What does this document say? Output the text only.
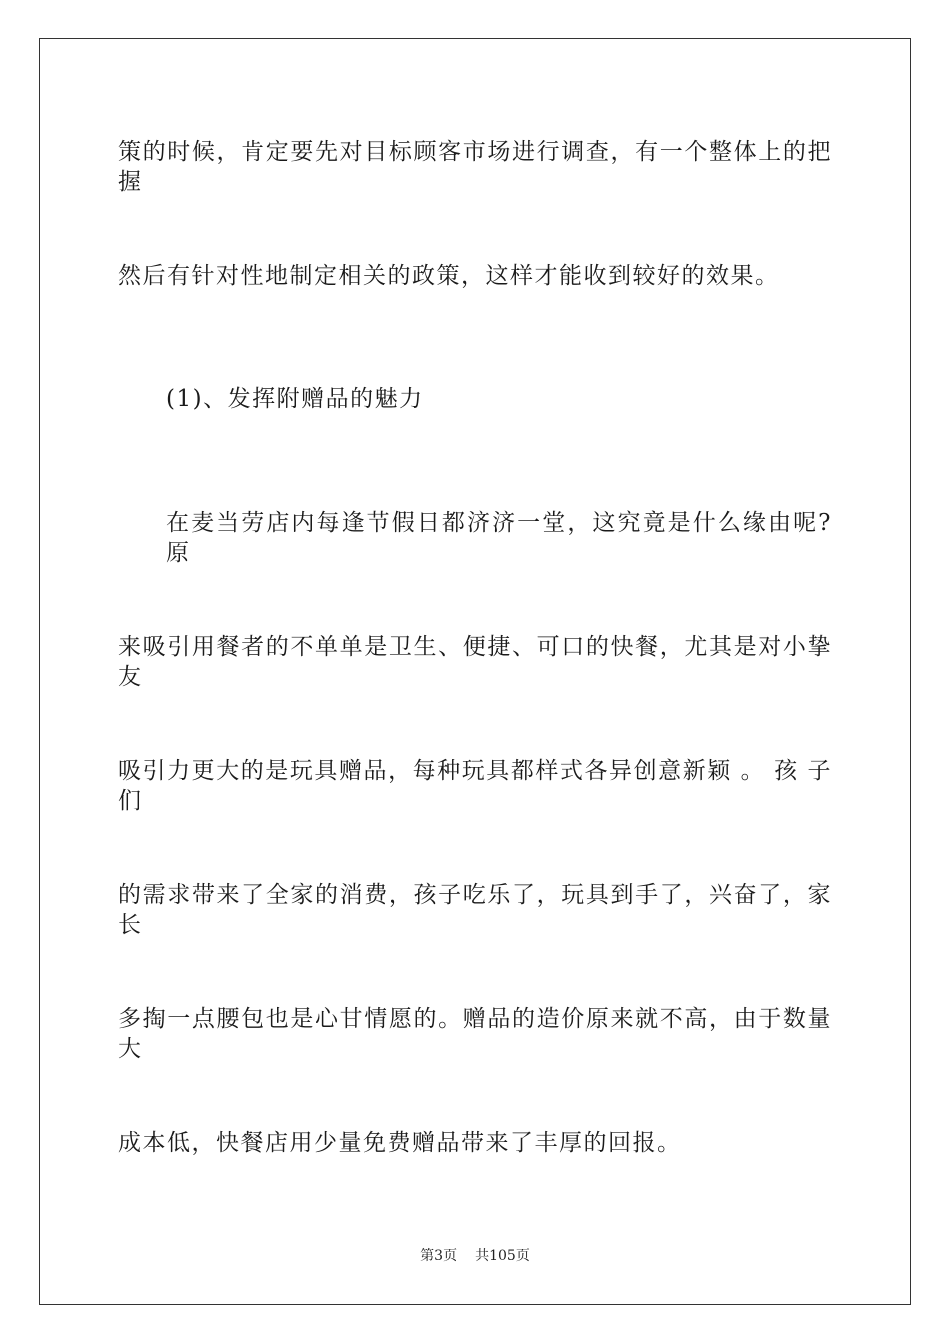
策的时候，肯定要先对目标顾客市场进行调查，有一个整体上的把握
然后有针对性地制定相关的政策，这样才能收到较好的效果。
(1)、发挥附赠品的魅力
在麦当劳店内每逢节假日都济济一堂，这究竟是什么缘由呢?原
来吸引用餐者的不单单是卫生、便捷、可口的快餐，尤其是对小挚友
吸引力更大的是玩具赠品，每种玩具都样式各异创意新颖 。 孩 子 们
的需求带来了全家的消费，孩子吃乐了，玩具到手了，兴奋了，家长
多掏一点腰包也是心甘情愿的。赠品的造价原来就不高，由于数量大
成本低，快餐店用少量免费赠品带来了丰厚的回报。
第3页 共105页
